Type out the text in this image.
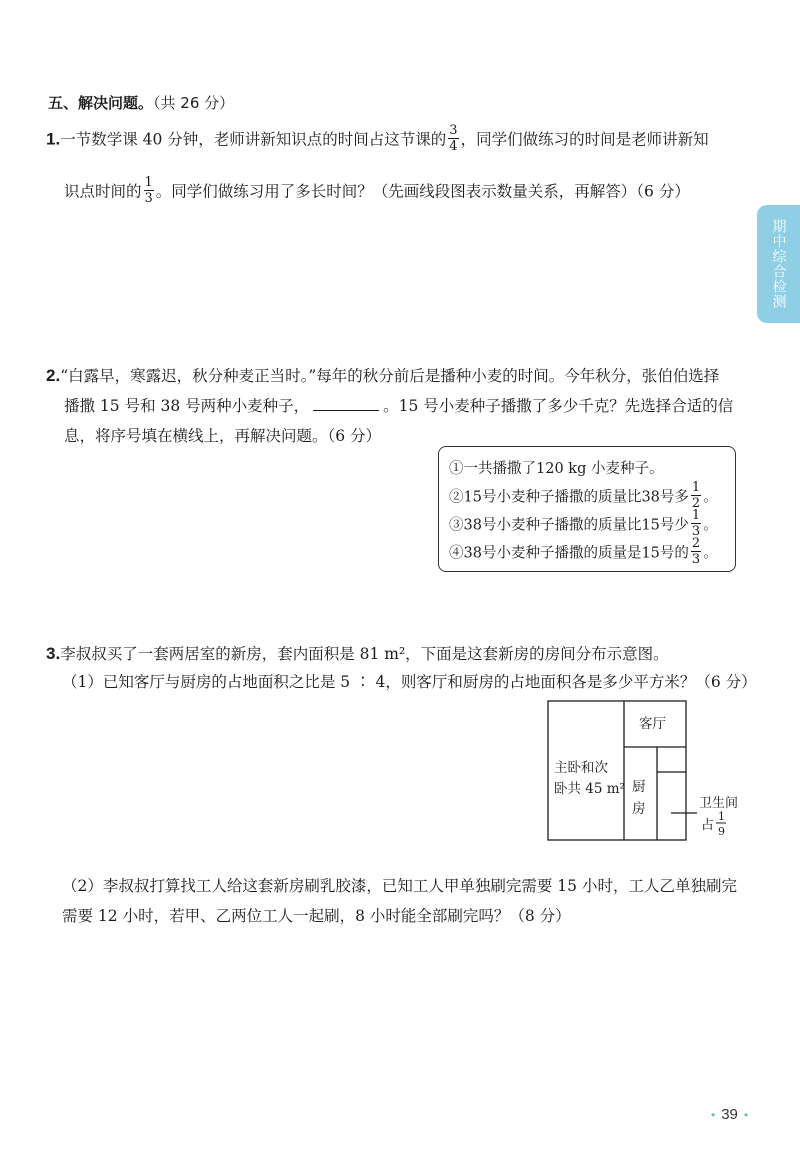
期中综合检测
五、解决问题。（共 26 分）
1.一节数学课 40 分钟，老师讲新知识点的时间占这节课的 $\frac{3}{4}$ ，同学们做练习的时间是老师讲新知
识点时间的 $\frac{1}{3}$ 。同学们做练习用了多长时间？（先画线段图表示数量关系，再解答）（6 分）
2.“白露早，寒露迟，秋分种麦正当时。”每年的秋分前后是播种小麦的时间。今年秋分，张伯伯选择
播撒 15 号和 38 号两种小麦种子，	。15 号小麦种子播撒了多少千克？先选择合适的信
息，将序号填在横线上，再解决问题。（6 分）
①一共播撒了120 kg 小麦种子。
②15号小麦种子播撒的质量比38号多 $\frac{1}{2}$ 。
③38号小麦种子播撒的质量比15号少 $\frac{1}{3}$ 。
④38号小麦种子播撒的质量是15号的 $\frac{2}{3}$ 。
3.李叔叔买了一套两居室的新房，套内面积是 81 m²，下面是这套新房的房间分布示意图。
（1）已知客厅与厨房的占地面积之比是 5 ∶ 4，则客厅和厨房的占地面积各是多少平方米？（6 分）
主卧和次
卧共 45 m²
客厅
厨
房	卫生间
占
1
9
（2）李叔叔打算找工人给这套新房刷乳胶漆，已知工人甲单独刷完需要 15 小时，工人乙单独刷完
需要 12 小时，若甲、乙两位工人一起刷，8 小时能全部刷完吗？（8 分）
• 39 •
